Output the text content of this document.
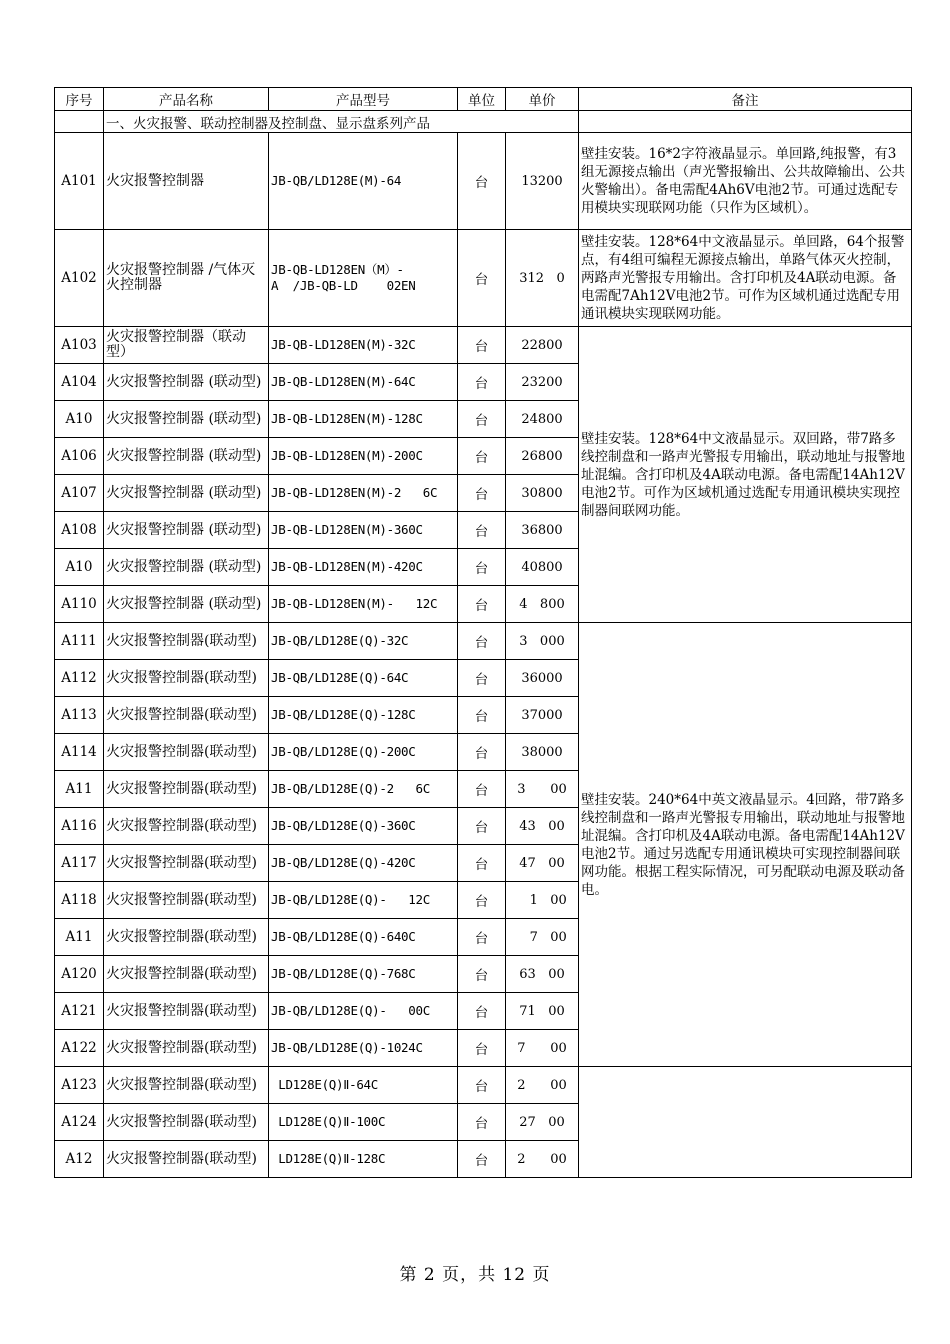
序号	产品名称	产品型号	单位	单价	备注
	一、火灾报警、联动控制器及控制盘、显示盘系列产品				
A101	火灾报警控制器	JB-QB/LD128E(M)-64	台	13200	壁挂安装。16*2字符液晶显示。单回路,纯报警，有3组无源接点输出（声光警报输出、公共故障输出、公共火警输出）。备电需配4Ah6V电池2节。可通过选配专用模块实现联网功能（只作为区域机）。

A102	火灾报警控制器 /气体灭火控制器	JB-QB-LD128EN（M）-
A  /JB-QB-LD    02EN	台	312   0	壁挂安装。128*64中文液晶显示。单回路，64个报警点，有4组可编程无源接点输出，单路气体灭火控制，两路声光警报专用输出。含打印机及4A联动电源。备电需配7Ah12V电池2节。可作为区域机通过选配专用通讯模块实现联网功能。

A103	火灾报警控制器（联动型）	JB-QB-LD128EN(M)-32C	台	22800	壁挂安装。128*64中文液晶显示。双回路，带7路多线控制盘和一路声光警报专用输出，联动地址与报警地址混编。含打印机及4A联动电源。备电需配14Ah12V电池2节。可作为区域机通过选配专用通讯模块实现控制器间联网功能。

A104	火灾报警控制器 (联动型)	JB-QB-LD128EN(M)-64C	台	23200	
A10	火灾报警控制器 (联动型)	JB-QB-LD128EN(M)-128C	台	24800	
A106	火灾报警控制器 (联动型)	JB-QB-LD128EN(M)-200C	台	26800	
A107	火灾报警控制器 (联动型)	JB-QB-LD128EN(M)-2   6C	台	30800	
A108	火灾报警控制器 (联动型)	JB-QB-LD128EN(M)-360C	台	36800	
A10	火灾报警控制器 (联动型)	JB-QB-LD128EN(M)-420C	台	40800	
A110	火灾报警控制器 (联动型)	JB-QB-LD128EN(M)-   12C	台	4   800	
A111	火灾报警控制器(联动型)	JB-QB/LD128E(Q)-32C	台	3   000	壁挂安装。240*64中英文液晶显示。4回路，带7路多线控制盘和一路声光警报专用输出，联动地址与报警地址混编。含打印机及4A联动电源。备电需配14Ah12V电池2节。通过另选配专用通讯模块可实现控制器间联网功能。根据工程实际情况，可另配联动电源及联动备电。

A112	火灾报警控制器(联动型)	JB-QB/LD128E(Q)-64C	台	36000	
A113	火灾报警控制器(联动型)	JB-QB/LD128E(Q)-128C	台	37000	
A114	火灾报警控制器(联动型)	JB-QB/LD128E(Q)-200C	台	38000	
A11	火灾报警控制器(联动型)	JB-QB/LD128E(Q)-2   6C	台	3      00	
A116	火灾报警控制器(联动型)	JB-QB/LD128E(Q)-360C	台	43   00	
A117	火灾报警控制器(联动型)	JB-QB/LD128E(Q)-420C	台	47   00	
A118	火灾报警控制器(联动型)	JB-QB/LD128E(Q)-   12C	台	1   00	
A11	火灾报警控制器(联动型)	JB-QB/LD128E(Q)-640C	台	7   00	
A120	火灾报警控制器(联动型)	JB-QB/LD128E(Q)-768C	台	63   00	
A121	火灾报警控制器(联动型)	JB-QB/LD128E(Q)-   00C	台	71   00	
A122	火灾报警控制器(联动型)	JB-QB/LD128E(Q)-1024C	台	7      00	
A123	火灾报警控制器(联动型)	LD128E(Q)Ⅱ-64C	台	2      00	

A124	火灾报警控制器(联动型)	LD128E(Q)Ⅱ-100C	台	27   00	
A12	火灾报警控制器(联动型)	LD128E(Q)Ⅱ-128C	台	2      00	
第 2 页，共 12 页
